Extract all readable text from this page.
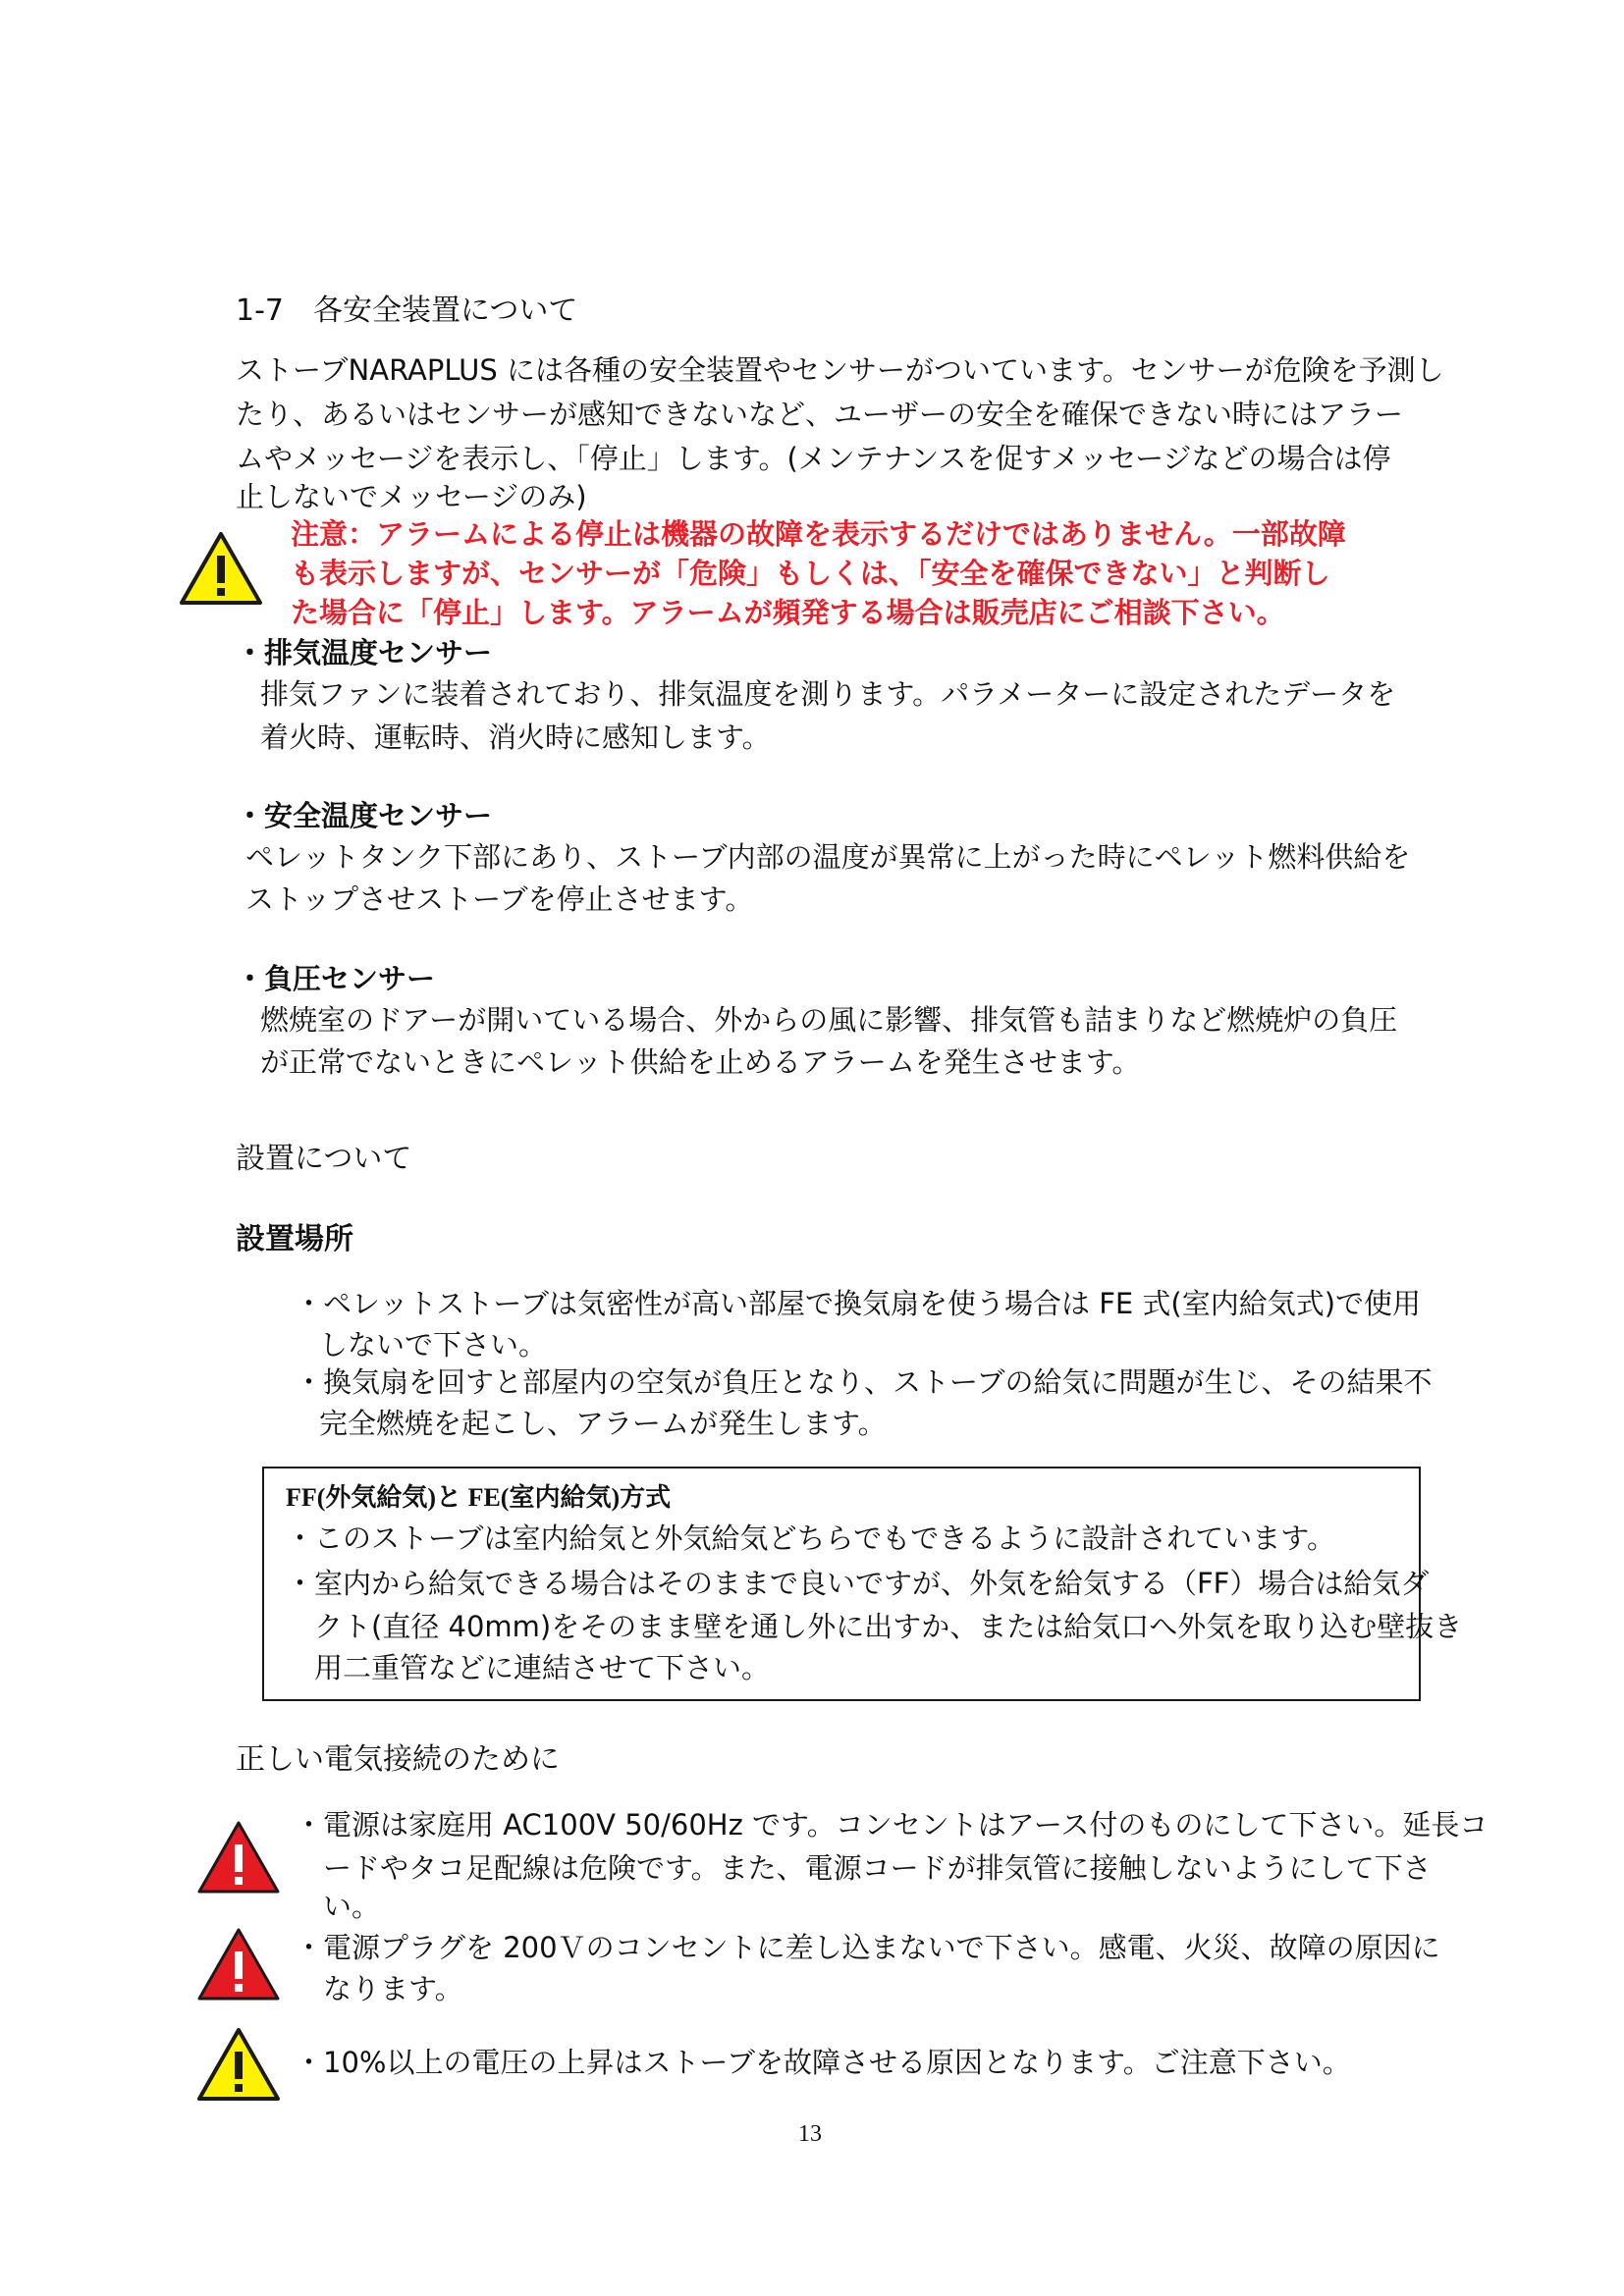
1-7　各安全装置について
ストーブNARAPLUS には各種の安全装置やセンサーがついています。センサーが危険を予測し
たり、あるいはセンサーが感知できないなど、ユーザーの安全を確保できない時にはアラー
ムやメッセージを表示し、「停止」します。(メンテナンスを促すメッセージなどの場合は停
止しないでメッセージのみ)
注意：アラームによる停止は機器の故障を表示するだけではありません。一部故障
も表示しますが、センサーが「危険」もしくは、「安全を確保できない」と判断し
た場合に「停止」します。アラームが頻発する場合は販売店にご相談下さい。
・排気温度センサー
排気ファンに装着されており、排気温度を測ります。パラメーターに設定されたデータを
着火時、運転時、消火時に感知します。
・安全温度センサー
ペレットタンク下部にあり、ストーブ内部の温度が異常に上がった時にペレット燃料供給を
ストップさせストーブを停止させます。
・負圧センサー
燃焼室のドアーが開いている場合、外からの風に影響、排気管も詰まりなど燃焼炉の負圧
が正常でないときにペレット供給を止めるアラームを発生させます。
設置について
設置場所
・ペレットストーブは気密性が高い部屋で換気扇を使う場合は FE 式(室内給気式)で使用
しないで下さい。
・換気扇を回すと部屋内の空気が負圧となり、ストーブの給気に問題が生じ、その結果不
完全燃焼を起こし、アラームが発生します。
FF(外気給気)と FE(室内給気)方式
・このストーブは室内給気と外気給気どちらでもできるように設計されています。
・室内から給気できる場合はそのままで良いですが、外気を給気する（FF）場合は給気ダ
　クト(直径 40mm)をそのまま壁を通し外に出すか、または給気口へ外気を取り込む壁抜き
　用二重管などに連結させて下さい。
正しい電気接続のために
・電源は家庭用 AC100V 50/60Hz です。コンセントはアース付のものにして下さい。延長コ
　ードやタコ足配線は危険です。また、電源コードが排気管に接触しないようにして下さ
　い。
・電源プラグを 200Ｖのコンセントに差し込まないで下さい。感電、火災、故障の原因に
　なります。
・10%以上の電圧の上昇はストーブを故障させる原因となります。ご注意下さい。
13
